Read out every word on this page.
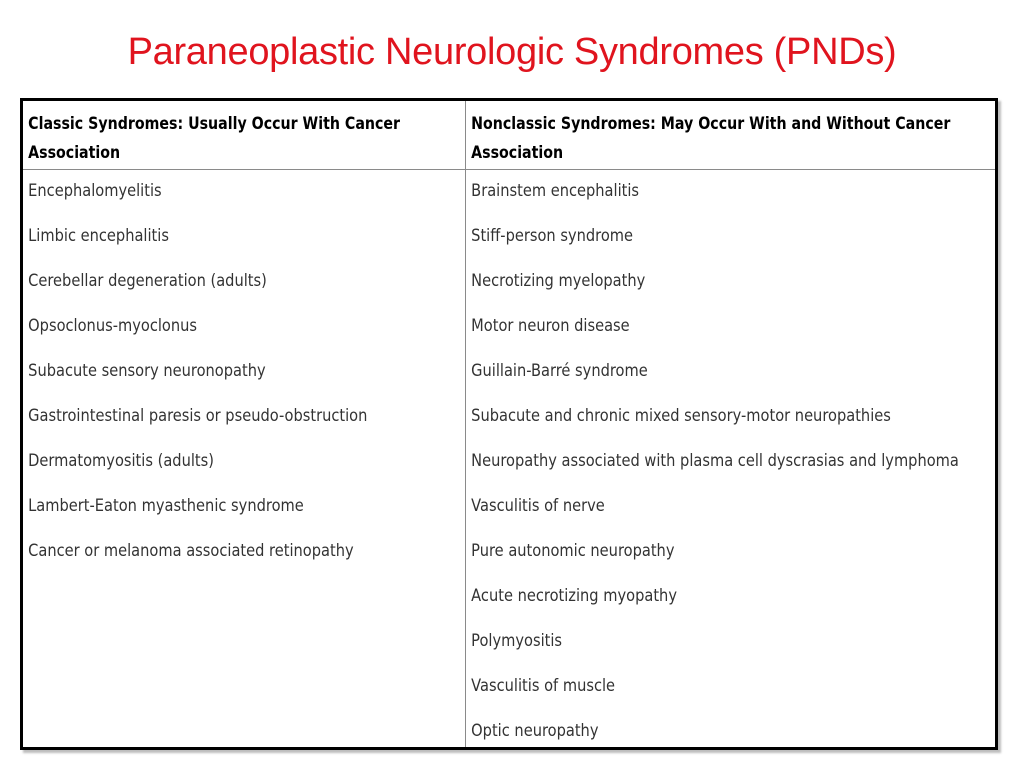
Paraneoplastic Neurologic Syndromes (PNDs)
Classic Syndromes: Usually Occur With Cancer
Association
Encephalomyelitis
Limbic encephalitis
Cerebellar degeneration (adults)
Opsoclonus-myoclonus
Subacute sensory neuronopathy
Gastrointestinal paresis or pseudo-obstruction
Dermatomyositis (adults)
Lambert-Eaton myasthenic syndrome
Cancer or melanoma associated retinopathy
Nonclassic Syndromes: May Occur With and Without Cancer
Association
Brainstem encephalitis
Stiff-person syndrome
Necrotizing myelopathy
Motor neuron disease
Guillain-Barré syndrome
Subacute and chronic mixed sensory-motor neuropathies
Neuropathy associated with plasma cell dyscrasias and lymphoma
Vasculitis of nerve
Pure autonomic neuropathy
Acute necrotizing myopathy
Polymyositis
Vasculitis of muscle
Optic neuropathy
